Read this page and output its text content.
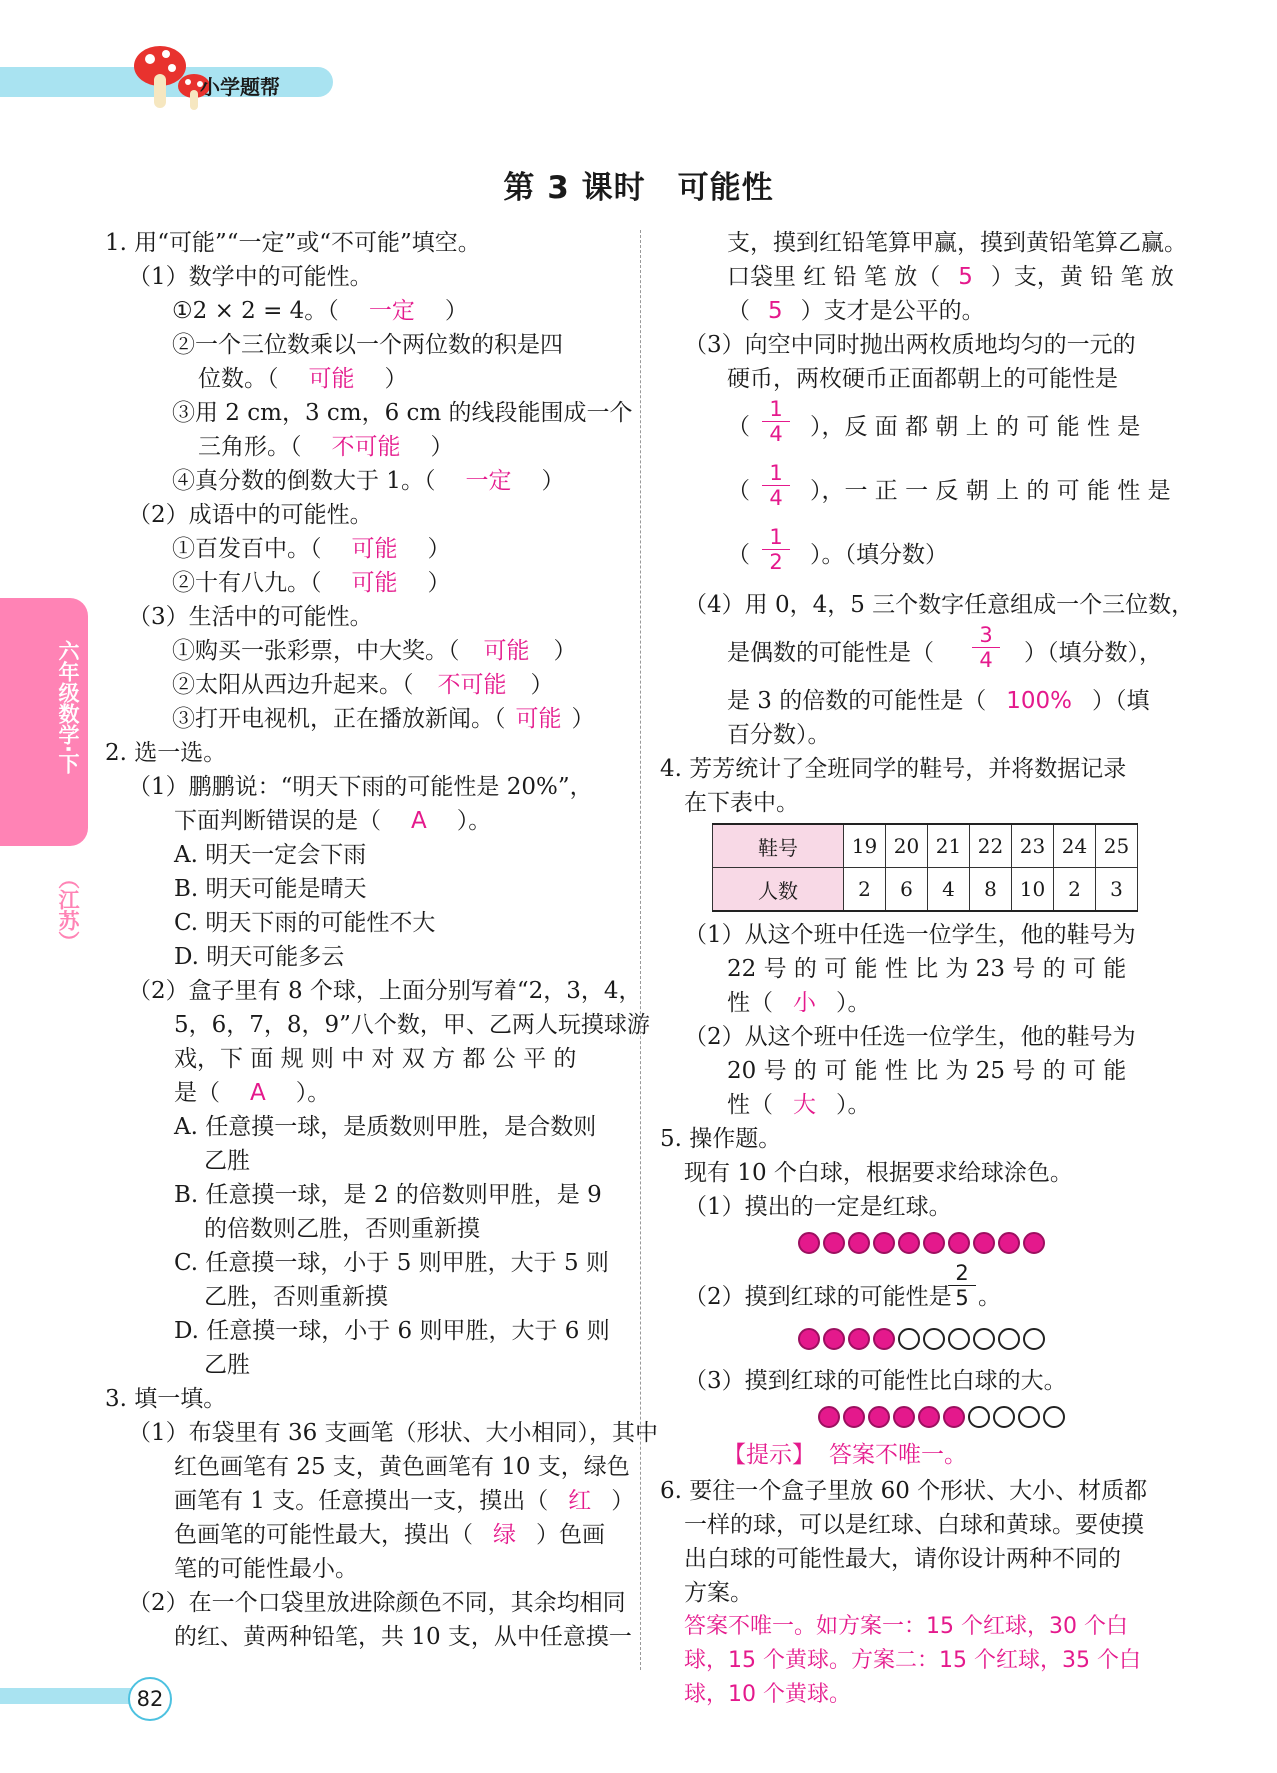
小学题帮
第 3 课时　可能性
六年级数学·下
（江苏）
1. 用“可能”“一定”或“不可能”填空。
（1）数学中的可能性。
①2 × 2 = 4。（ 一定 ）
②一个三位数乘以一个两位数的积是四
位数。（ 可能 ）
③用 2 cm，3 cm，6 cm 的线段能围成一个
三角形。（ 不可能 ）
④真分数的倒数大于 1。（ 一定 ）
（2）成语中的可能性。
①百发百中。（ 可能 ）
②十有八九。（ 可能 ）
（3）生活中的可能性。
①购买一张彩票，中大奖。（ 可能 ）
②太阳从西边升起来。（ 不可能 ）
③打开电视机，正在播放新闻。（ 可能 ）
2. 选一选。
（1）鹏鹏说：“明天下雨的可能性是 20%”，
下面判断错误的是（ A ）。
A. 明天一定会下雨
B. 明天可能是晴天
C. 明天下雨的可能性不大
D. 明天可能多云
（2）盒子里有 8 个球，上面分别写着“2，3，4，
5，6，7，8，9”八个数，甲、乙两人玩摸球游
戏，下 面 规 则 中 对 双 方 都 公 平 的
是（ A ）。
A. 任意摸一球，是质数则甲胜，是合数则
乙胜
B. 任意摸一球，是 2 的倍数则甲胜，是 9
的倍数则乙胜，否则重新摸
C. 任意摸一球，小于 5 则甲胜，大于 5 则
乙胜，否则重新摸
D. 任意摸一球，小于 6 则甲胜，大于 6 则
乙胜
3. 填一填。
（1）布袋里有 36 支画笔（形状、大小相同），其中
红色画笔有 25 支，黄色画笔有 10 支，绿色
画笔有 1 支。任意摸出一支，摸出（ 红 ）
色画笔的可能性最大，摸出（ 绿 ）色画
笔的可能性最小。
（2）在一个口袋里放进除颜色不同，其余均相同
的红、黄两种铅笔，共 10 支，从中任意摸一
支，摸到红铅笔算甲赢，摸到黄铅笔算乙赢。
口袋里 红 铅 笔 放（ 5 ）支，黄 铅 笔 放
（ 5 ）支才是公平的。
（3）向空中同时抛出两枚质地均匀的一元的
硬币，两枚硬币正面都朝上的可能性是
（
1
4	），反 面 都 朝 上 的 可 能 性 是
（
1
4	），一 正 一 反 朝 上 的 可 能 性 是
（
1
2	）。（填分数）
（4）用 0，4，5 三个数字任意组成一个三位数，
是偶数的可能性是（
3
4	）（填分数），
是 3 的倍数的可能性是（ 100% ）（填
百分数）。
4. 芳芳统计了全班同学的鞋号，并将数据记录
在下表中。
鞋号	19	20	21	22	23	24	25
人数	2	6	4	8	10	2	3
（1）从这个班中任选一位学生，他的鞋号为
22 号 的 可 能 性 比 为 23 号 的 可 能
性（ 小 ）。
（2）从这个班中任选一位学生，他的鞋号为
20 号 的 可 能 性 比 为 25 号 的 可 能
性（ 大 ）。
5. 操作题。
现有 10 个白球，根据要求给球涂色。
（1）摸出的一定是红球。
（2）摸到红球的可能性是
2
5 。
（3）摸到红球的可能性比白球的大。
【提示】 答案不唯一。
6. 要往一个盒子里放 60 个形状、大小、材质都
一样的球，可以是红球、白球和黄球。要使摸
出白球的可能性最大，请你设计两种不同的
方案。
答案不唯一。如方案一：15 个红球，30 个白
球，15 个黄球。方案二：15 个红球，35 个白
球，10 个黄球。
82
